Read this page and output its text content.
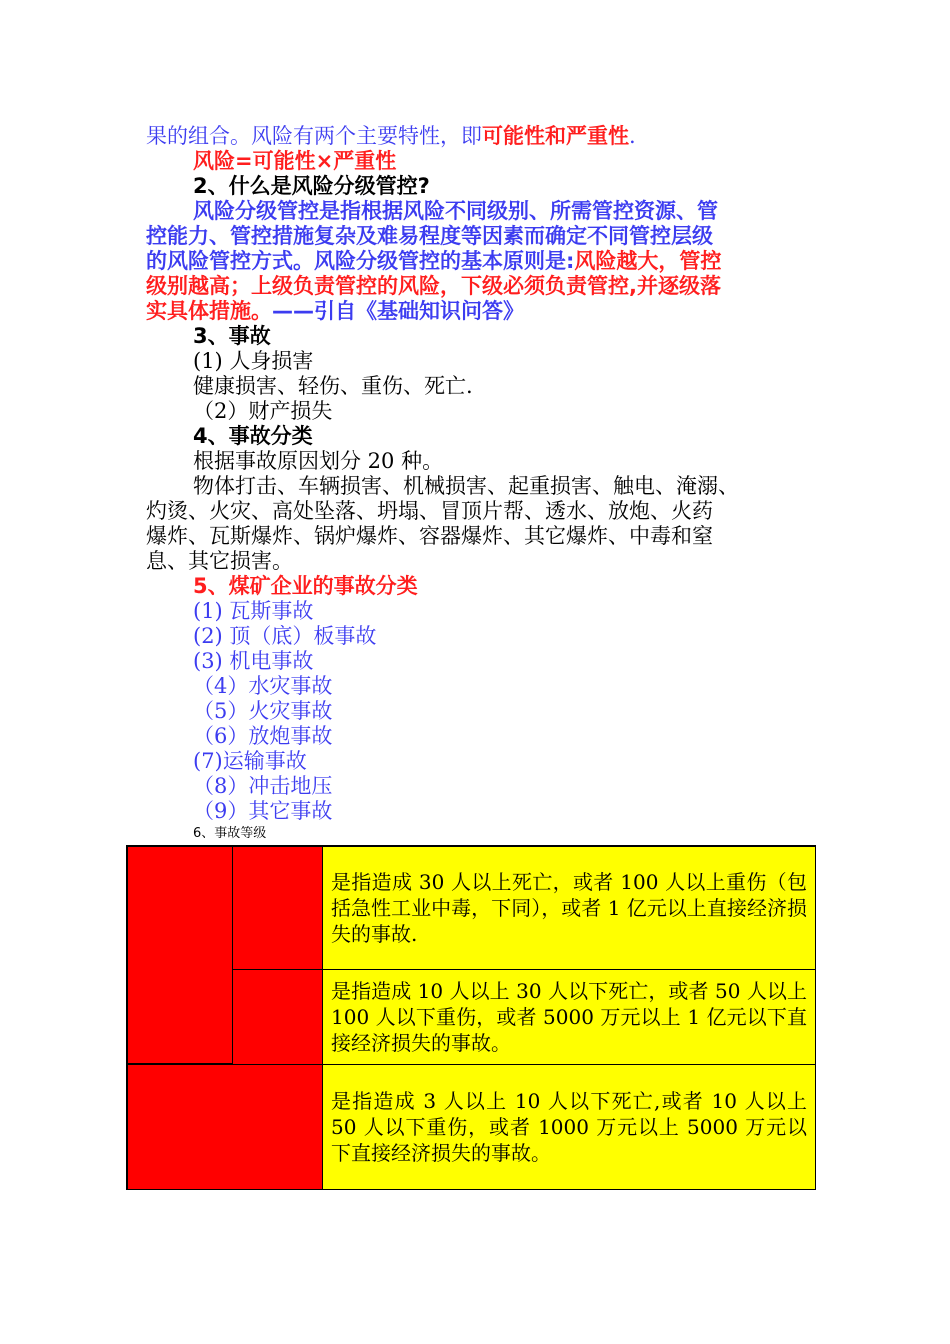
果的组合。风险有两个主要特性，即可能性和严重性.
风险=可能性×严重性
2、什么是风险分级管控?
风险分级管控是指根据风险不同级别、所需管控资源、管
控能力、管控措施复杂及难易程度等因素而确定不同管控层级
的风险管控方式。风险分级管控的基本原则是:风险越大，管控
级别越高；上级负责管控的风险，下级必须负责管控,并逐级落
实具体措施。——引自《基础知识问答》
3、事故
(1) 人身损害
健康损害、轻伤、重伤、死亡.
（2）财产损失
4、事故分类
根据事故原因划分 20 种。
物体打击、车辆损害、机械损害、起重损害、触电、淹溺、
灼烫、火灾、高处坠落、坍塌、冒顶片帮、透水、放炮、火药
爆炸、瓦斯爆炸、锅炉爆炸、容器爆炸、其它爆炸、中毒和窒
息、其它损害。
5、煤矿企业的事故分类
(1) 瓦斯事故
(2) 顶（底）板事故
(3) 机电事故
（4）水灾事故
（5）火灾事故
（6）放炮事故
(7)运输事故
（8）冲击地压
（9）其它事故
6、事故等级
是指造成 30 人以上死亡，或者 100 人以上重伤（包括急性工业中毒，下同），或者 1 亿元以上直接经济损失的事故.
是指造成 10 人以上 30 人以下死亡，或者 50 人以上 100 人以下重伤，或者 5000 万元以上 1 亿元以下直接经济损失的事故。
是指造成 3 人以上 10 人以下死亡,或者 10 人以上 50 人以下重伤，或者 1000 万元以上 5000 万元以下直接经济损失的事故。
